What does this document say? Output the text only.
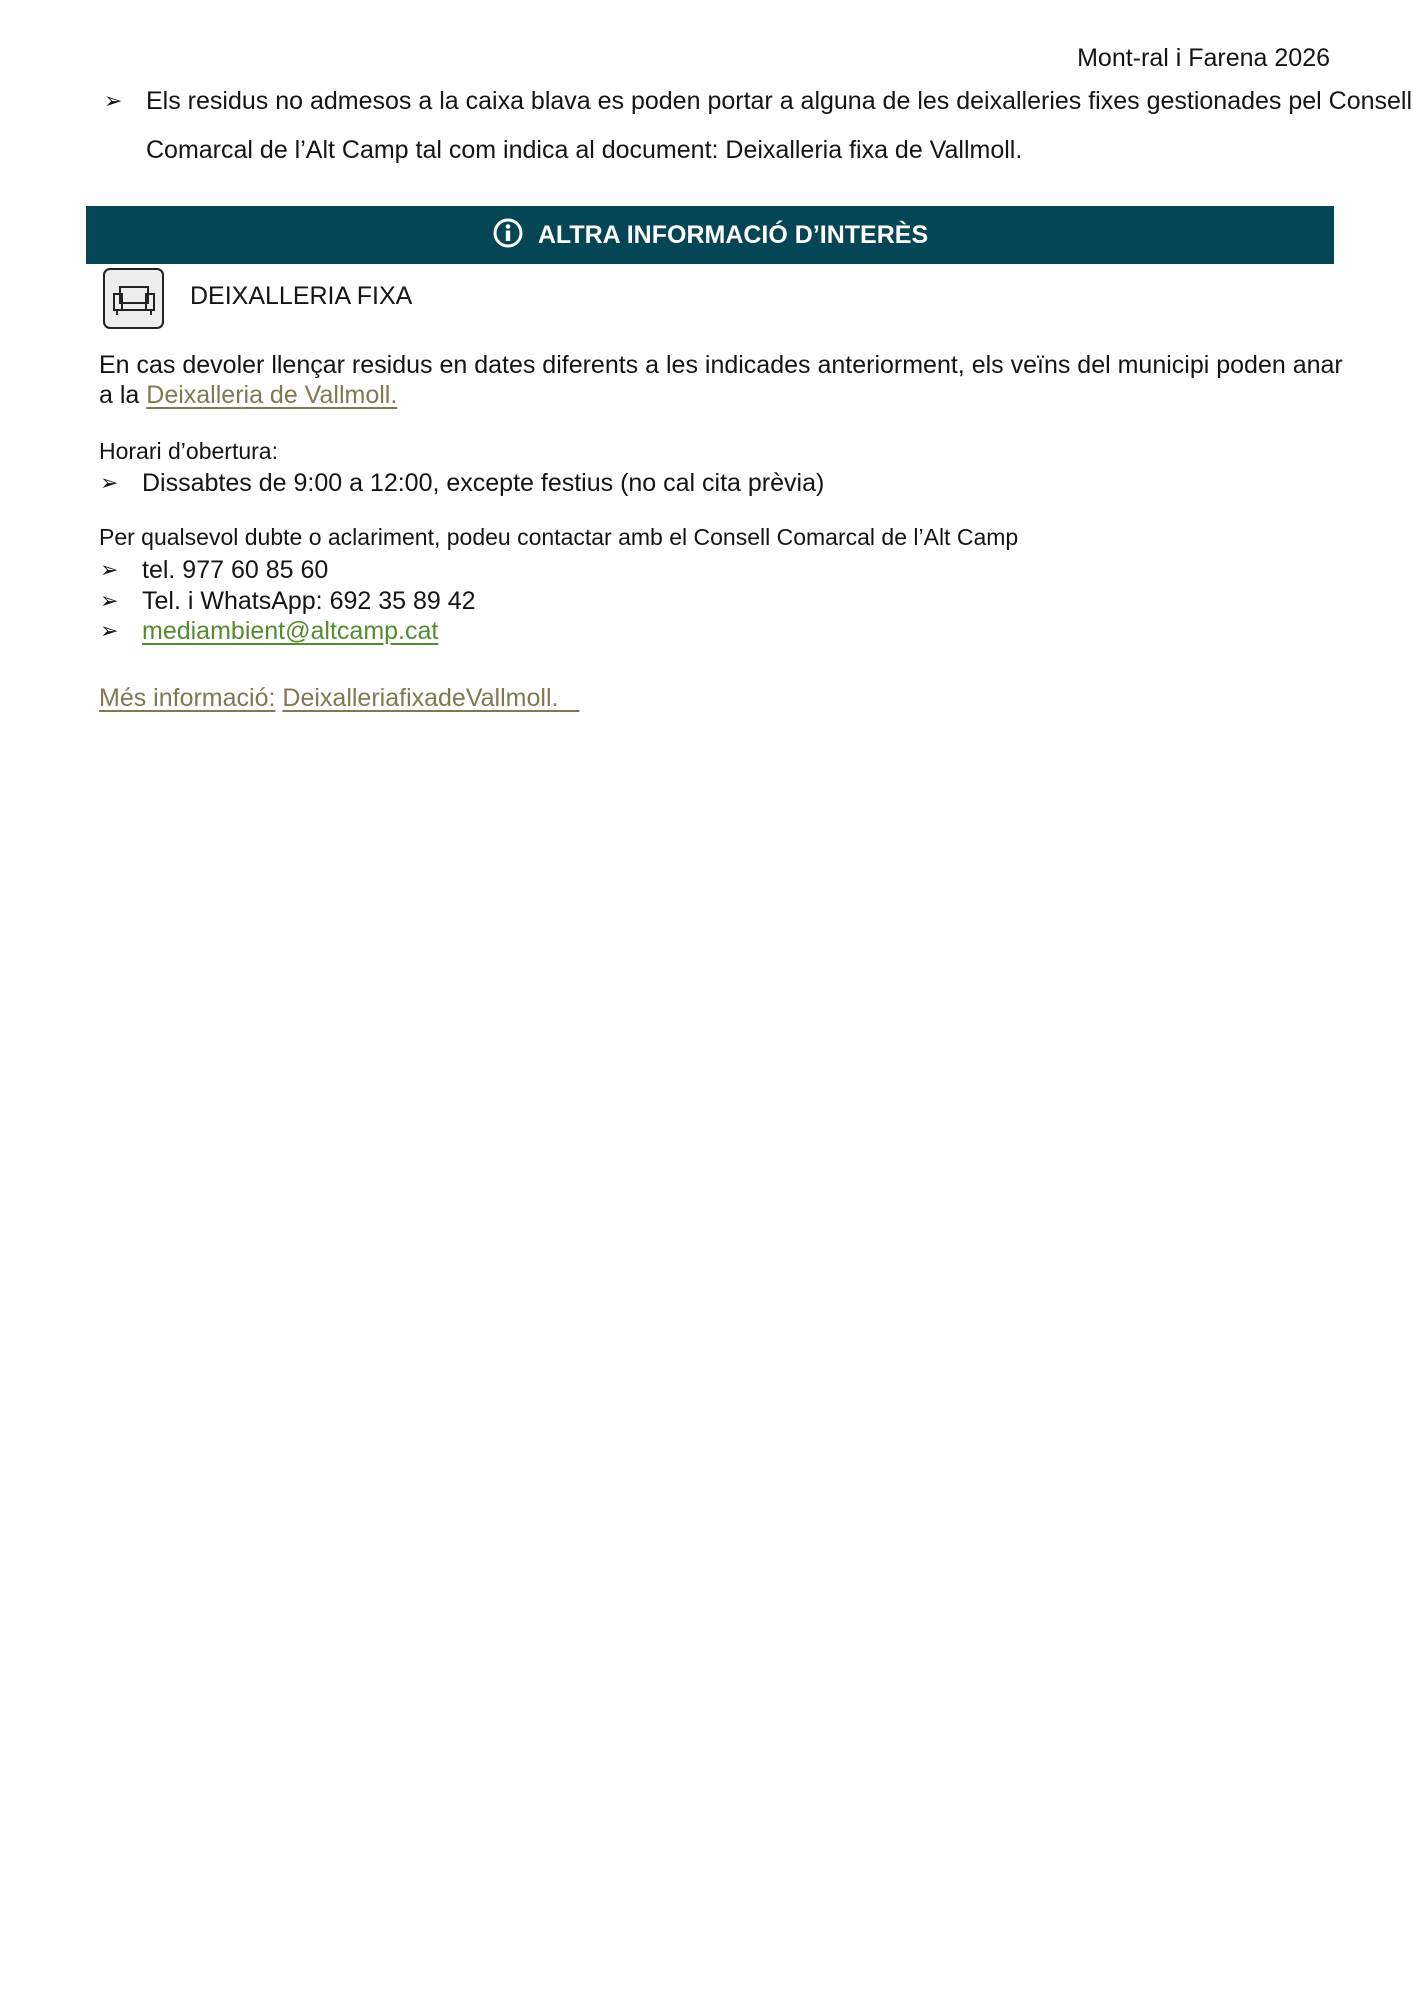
Mont-ral i Farena 2026
➢ Els residus no admesos a la caixa blava es poden portar a alguna de les deixalleries fixes gestionades pel Consell
Comarcal de l’Alt Camp tal com indica al document: Deixalleria fixa de Vallmoll.
ALTRA INFORMACIÓ D’INTERÈS
DEIXALLERIA FIXA
En cas devoler llençar residus en dates diferents a les indicades anteriorment, els veïns del municipi poden anar
a la Deixalleria de Vallmoll.
Horari d’obertura:
➢ Dissabtes de 9:00 a 12:00, excepte festius (no cal cita prèvia)
Per qualsevol dubte o aclariment, podeu contactar amb el Consell Comarcal de l’Alt Camp
➢ tel. 977 60 85 60
➢ Tel. i WhatsApp: 692 35 89 42
➢ mediambient@altcamp.cat
Més informació: DeixalleriafixadeVallmoll.
